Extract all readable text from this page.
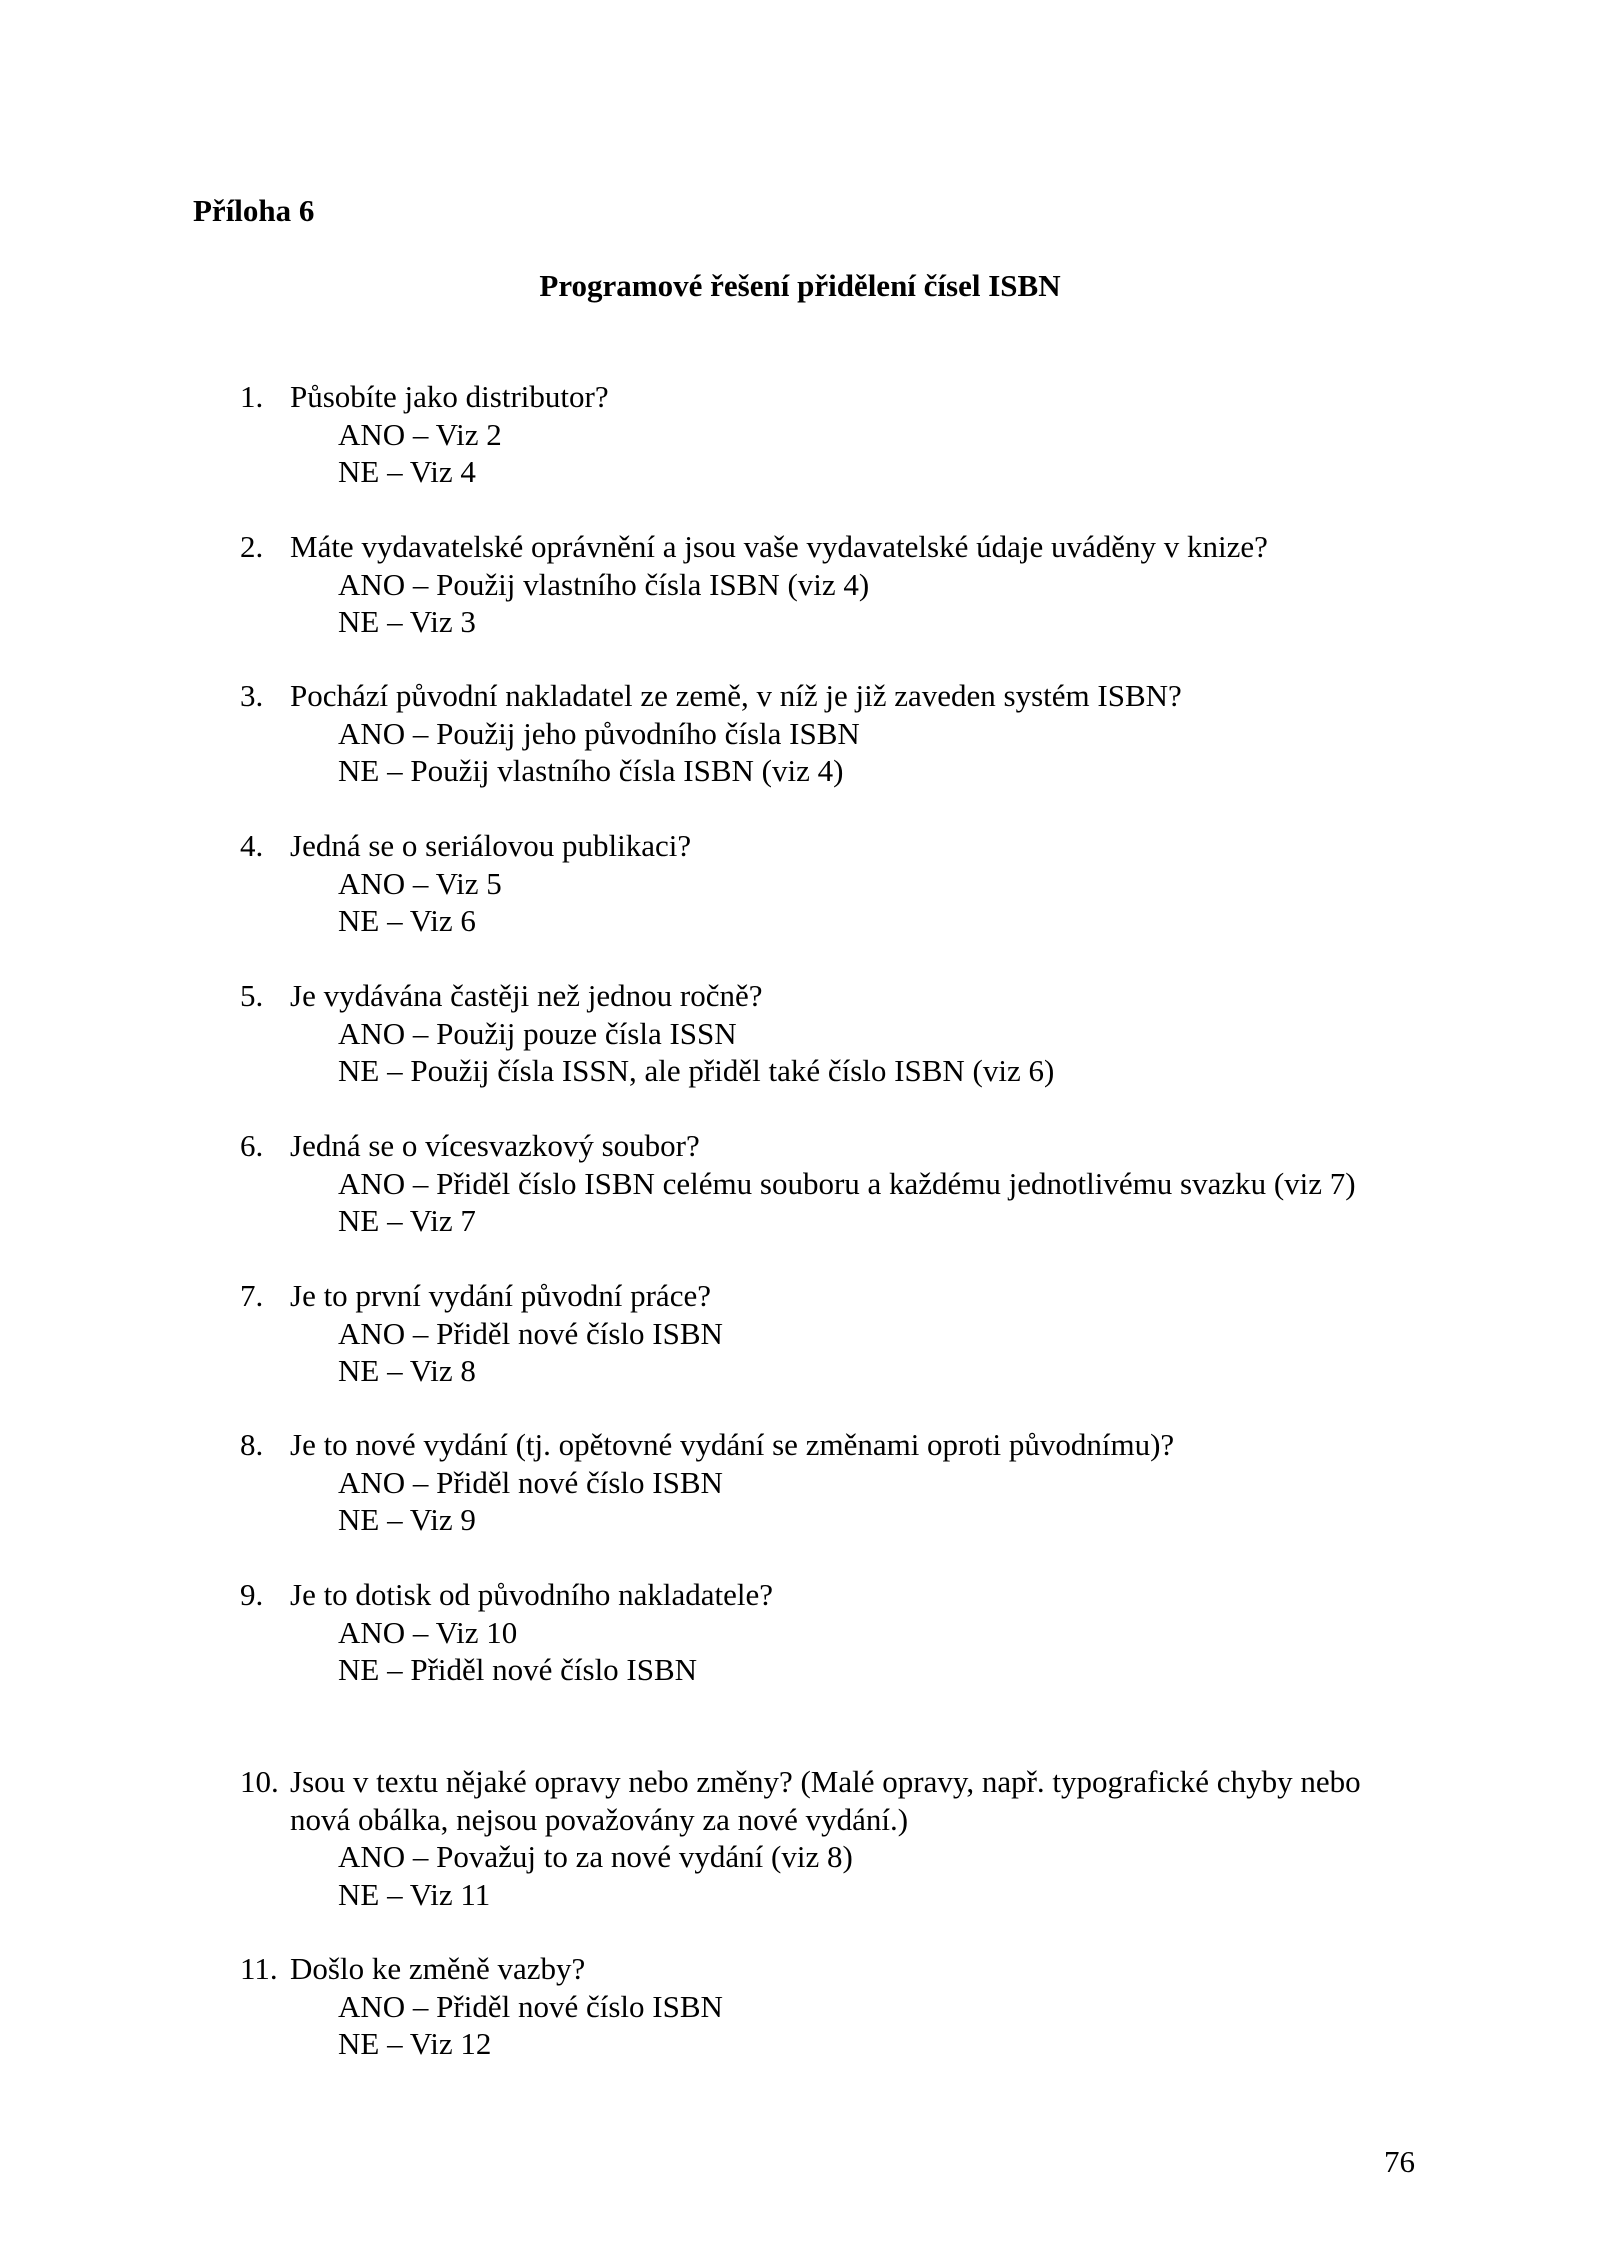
Příloha 6

Programové řešení přidělení čísel ISBN

1. Působíte jako distributor?
ANO – Viz 2
NE – Viz 4
2. Máte vydavatelské oprávnění a jsou vaše vydavatelské údaje uváděny v knize?
ANO – Použij vlastního čísla ISBN (viz 4)
NE – Viz 3
3. Pochází původní nakladatel ze země, v níž je již zaveden systém ISBN?
ANO – Použij jeho původního čísla ISBN
NE – Použij vlastního čísla ISBN (viz 4)
4. Jedná se o seriálovou publikaci?
ANO – Viz 5
NE – Viz 6
5. Je vydávána častěji než jednou ročně?
ANO – Použij pouze čísla ISSN
NE – Použij čísla ISSN, ale přiděl také číslo ISBN (viz 6)
6. Jedná se o vícesvazkový soubor?
ANO – Přiděl číslo ISBN celému souboru a každému jednotlivému svazku (viz 7)
NE – Viz 7
7. Je to první vydání původní práce?
ANO – Přiděl nové číslo ISBN
NE – Viz 8
8. Je to nové vydání (tj. opětovné vydání se změnami oproti původnímu)?
ANO – Přiděl nové číslo ISBN
NE – Viz 9
9. Je to dotisk od původního nakladatele?
ANO – Viz 10
NE – Přiděl nové číslo ISBN
10. Jsou v textu nějaké opravy nebo změny? (Malé opravy, např. typografické chyby nebo
nová obálka, nejsou považovány za nové vydání.)
ANO – Považuj to za nové vydání (viz 8)
NE – Viz 11
11. Došlo ke změně vazby?
ANO – Přiděl nové číslo ISBN
NE – Viz 12
76
